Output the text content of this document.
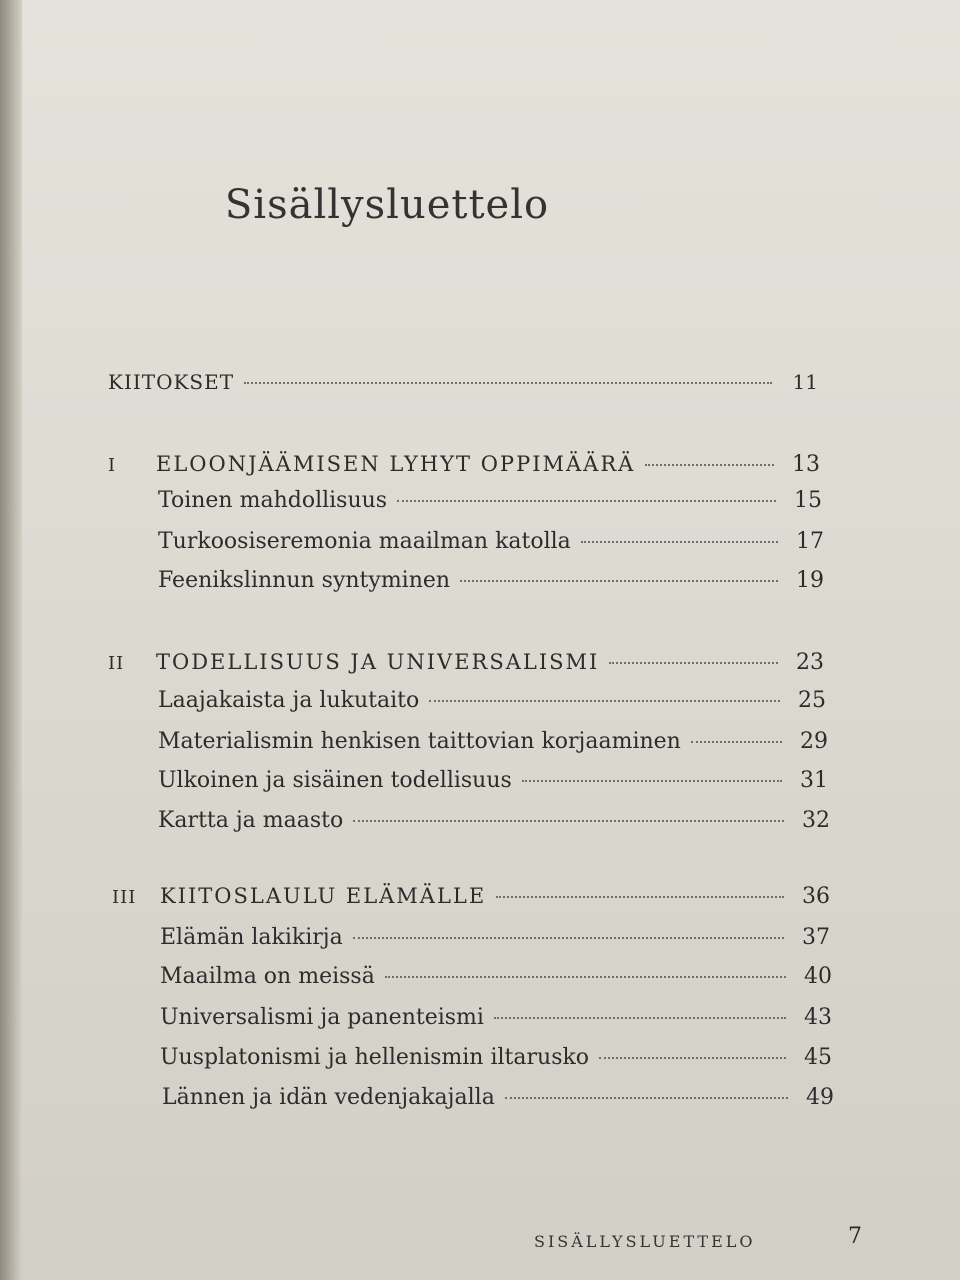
Sisällysluettelo
KIITOKSET	11
I	ELOONJÄÄMISEN LYHYT OPPIMÄÄRÄ	13
Toinen mahdollisuus	15
Turkoosiseremonia maailman katolla	17
Feenikslinnun syntyminen	19
II	TODELLISUUS JA UNIVERSALISMI	23
Laajakaista ja lukutaito	25
Materialismin henkisen taittovian korjaaminen	29
Ulkoinen ja sisäinen todellisuus	31
Kartta ja maasto	32
III	KIITOSLAULU ELÄMÄLLE	36
Elämän lakikirja	37
Maailma on meissä	40
Universalismi ja panenteismi	43
Uusplatonismi ja hellenismin iltarusko	45
Lännen ja idän vedenjakajalla	49
SISÄLLYSLUETTELO	7
